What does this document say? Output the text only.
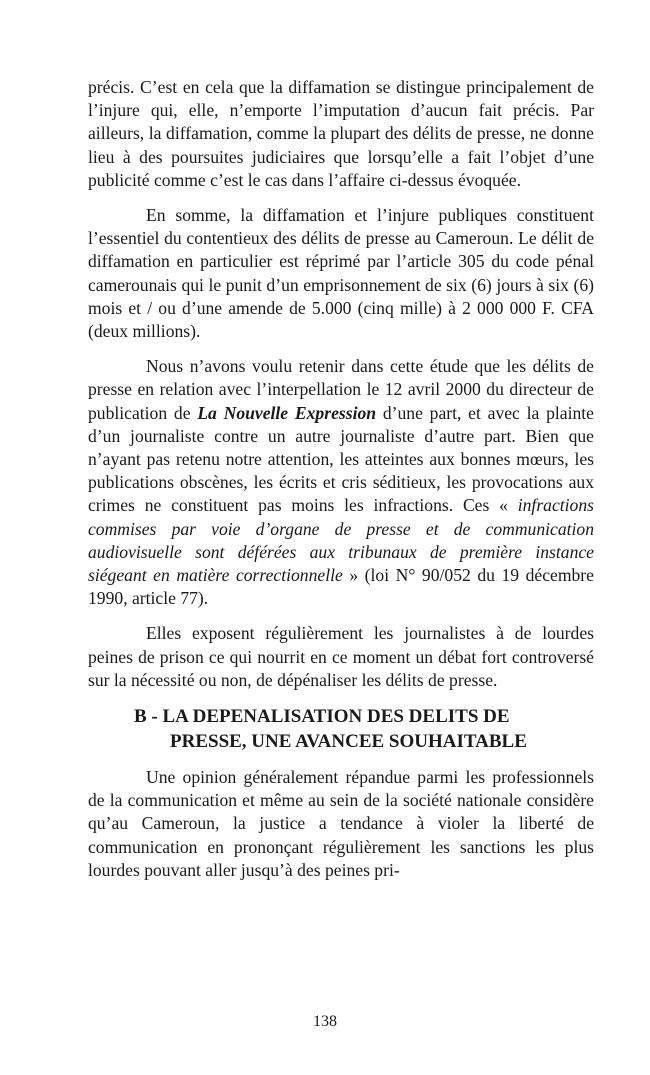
précis. C’est en cela que la diffamation se distingue principalement de l’injure qui, elle, n’emporte l’imputation d’aucun fait précis. Par ailleurs, la diffamation, comme la plupart des délits de presse, ne donne lieu à des poursuites judiciaires que lorsqu’elle a fait l’objet d’une publicité comme c’est le cas dans l’affaire ci-dessus évoquée.

En somme, la diffamation et l’injure publiques constituent l’essentiel du contentieux des délits de presse au Cameroun. Le délit de diffamation en particulier est réprimé par l’article 305 du code pénal camerounais qui le punit d’un emprisonnement de six (6) jours à six (6) mois et / ou d’une amende de 5.000 (cinq mille) à 2 000 000 F. CFA (deux millions).

Nous n’avons voulu retenir dans cette étude que les délits de presse en relation avec l’interpellation le 12 avril 2000 du directeur de publication de La Nouvelle Expression d’une part, et avec la plainte d’un journaliste contre un autre journaliste d’autre part. Bien que n’ayant pas retenu notre attention, les atteintes aux bonnes mœurs, les publications obscènes, les écrits et cris séditieux, les provocations aux crimes ne constituent pas moins les infractions. Ces « infractions commises par voie d’organe de presse et de communication audiovisuelle sont déférées aux tribunaux de première instance siégeant en matière correctionnelle » (loi N° 90/052 du 19 décembre 1990, article 77).

Elles exposent régulièrement les journalistes à de lourdes peines de prison ce qui nourrit en ce moment un débat fort controversé sur la nécessité ou non, de dépénaliser les délits de presse.

B - LA DEPENALISATION DES DELITS DE
PRESSE, UNE AVANCEE SOUHAITABLE

Une opinion généralement répandue parmi les professionnels de la communication et même au sein de la société nationale considère qu’au Cameroun, la justice a tendance à violer la liberté de communication en prononçant régulièrement les sanctions les plus lourdes pouvant aller jusqu’à des peines pri-

138
